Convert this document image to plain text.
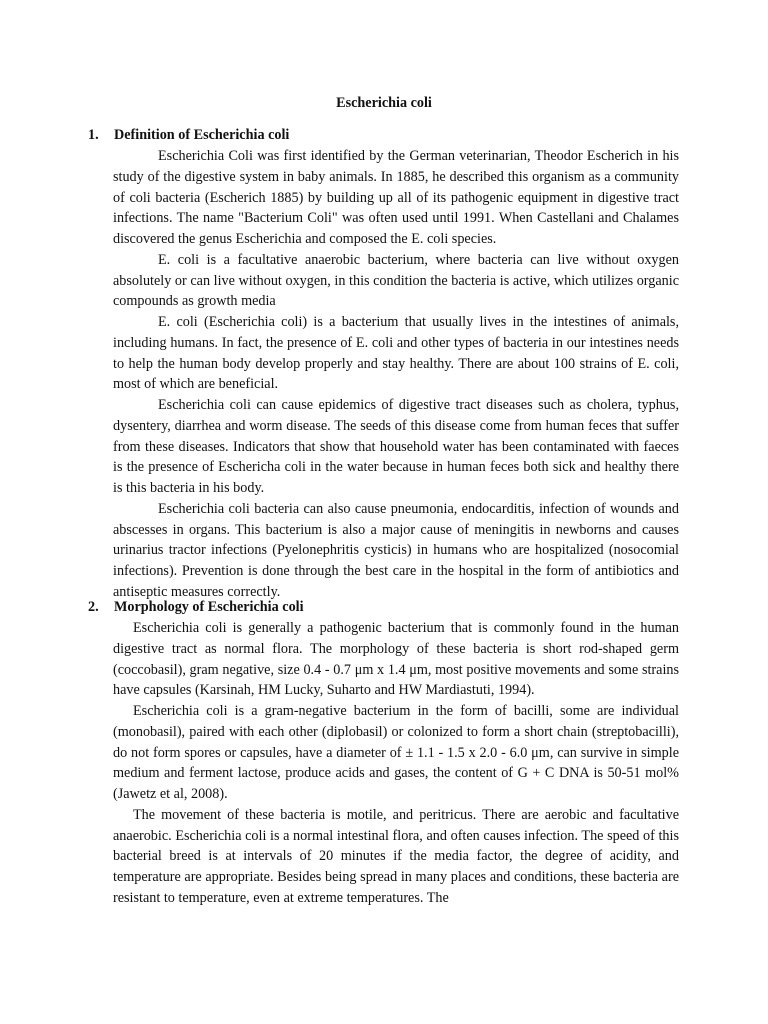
Escherichia coli
1. Definition of Escherichia coli

Escherichia Coli was first identified by the German veterinarian, Theodor Escherich in his study of the digestive system in baby animals. In 1885, he described this organism as a community of coli bacteria (Escherich 1885) by building up all of its pathogenic equipment in digestive tract infections. The name "Bacterium Coli" was often used until 1991. When Castellani and Chalames discovered the genus Escherichia and composed the E. coli species.

E. coli is a facultative anaerobic bacterium, where bacteria can live without oxygen absolutely or can live without oxygen, in this condition the bacteria is active, which utilizes organic compounds as growth media

E. coli (Escherichia coli) is a bacterium that usually lives in the intestines of animals, including humans. In fact, the presence of E. coli and other types of bacteria in our intestines needs to help the human body develop properly and stay healthy. There are about 100 strains of E. coli, most of which are beneficial.

Escherichia coli can cause epidemics of digestive tract diseases such as cholera, typhus, dysentery, diarrhea and worm disease. The seeds of this disease come from human feces that suffer from these diseases. Indicators that show that household water has been contaminated with faeces is the presence of Eschericha coli in the water because in human feces both sick and healthy there is this bacteria in his body.

Escherichia coli bacteria can also cause pneumonia, endocarditis, infection of wounds and abscesses in organs. This bacterium is also a major cause of meningitis in newborns and causes urinarius tractor infections (Pyelonephritis cysticis) in humans who are hospitalized (nosocomial infections). Prevention is done through the best care in the hospital in the form of antibiotics and antiseptic measures correctly.

2. Morphology of Escherichia coli

Escherichia coli is generally a pathogenic bacterium that is commonly found in the human digestive tract as normal flora. The morphology of these bacteria is short rod-shaped germ (coccobasil), gram negative, size 0.4 - 0.7 μm x 1.4 μm, most positive movements and some strains have capsules (Karsinah, HM Lucky, Suharto and HW Mardiastuti, 1994).

Escherichia coli is a gram-negative bacterium in the form of bacilli, some are individual (monobasil), paired with each other (diplobasil) or colonized to form a short chain (streptobacilli), do not form spores or capsules, have a diameter of ± 1.1 - 1.5 x 2.0 - 6.0 μm, can survive in simple medium and ferment lactose, produce acids and gases, the content of G + C DNA is 50-51 mol% (Jawetz et al, 2008).

The movement of these bacteria is motile, and peritricus. There are aerobic and facultative anaerobic. Escherichia coli is a normal intestinal flora, and often causes infection. The speed of this bacterial breed is at intervals of 20 minutes if the media factor, the degree of acidity, and temperature are appropriate. Besides being spread in many places and conditions, these bacteria are resistant to temperature, even at extreme temperatures. The
